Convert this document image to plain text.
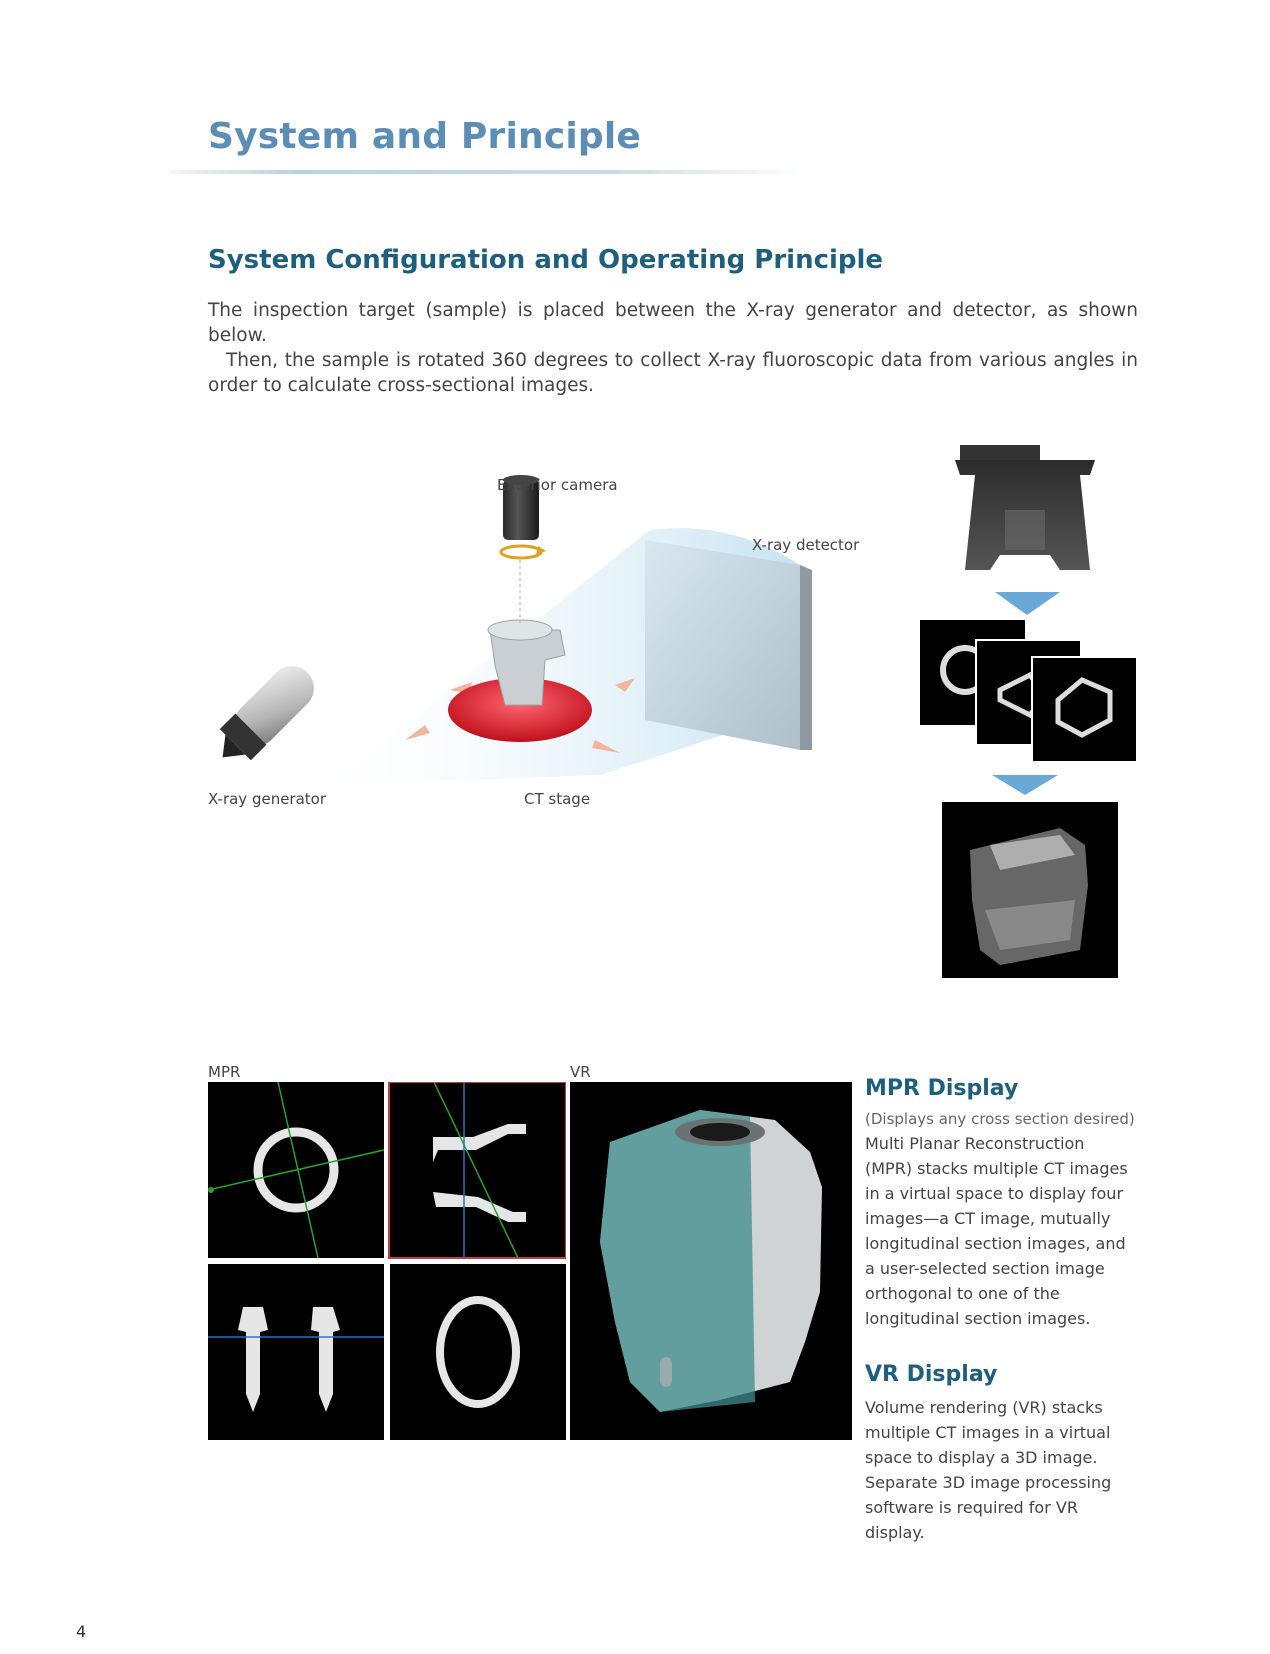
System and Principle
System Configuration and Operating Principle

The inspection target (sample) is placed between the X-ray generator and detector, as shown below.

Then, the sample is rotated 360 degrees to collect X-ray fluoroscopic data from various angles in order to calculate cross-sectional images.

Exterior camera
X-ray detector
X-ray generator	CT stage
MPR	VR
MPR Display

(Displays any cross section desired)

Multi Planar Reconstruction (MPR) stacks multiple CT images in a virtual space to display four images—a CT image, mutually longitudinal section images, and a user-selected section image orthogonal to one of the longitudinal section images.

VR Display

Volume rendering (VR) stacks multiple CT images in a virtual space to display a 3D image. Separate 3D image processing software is required for VR display.

4
